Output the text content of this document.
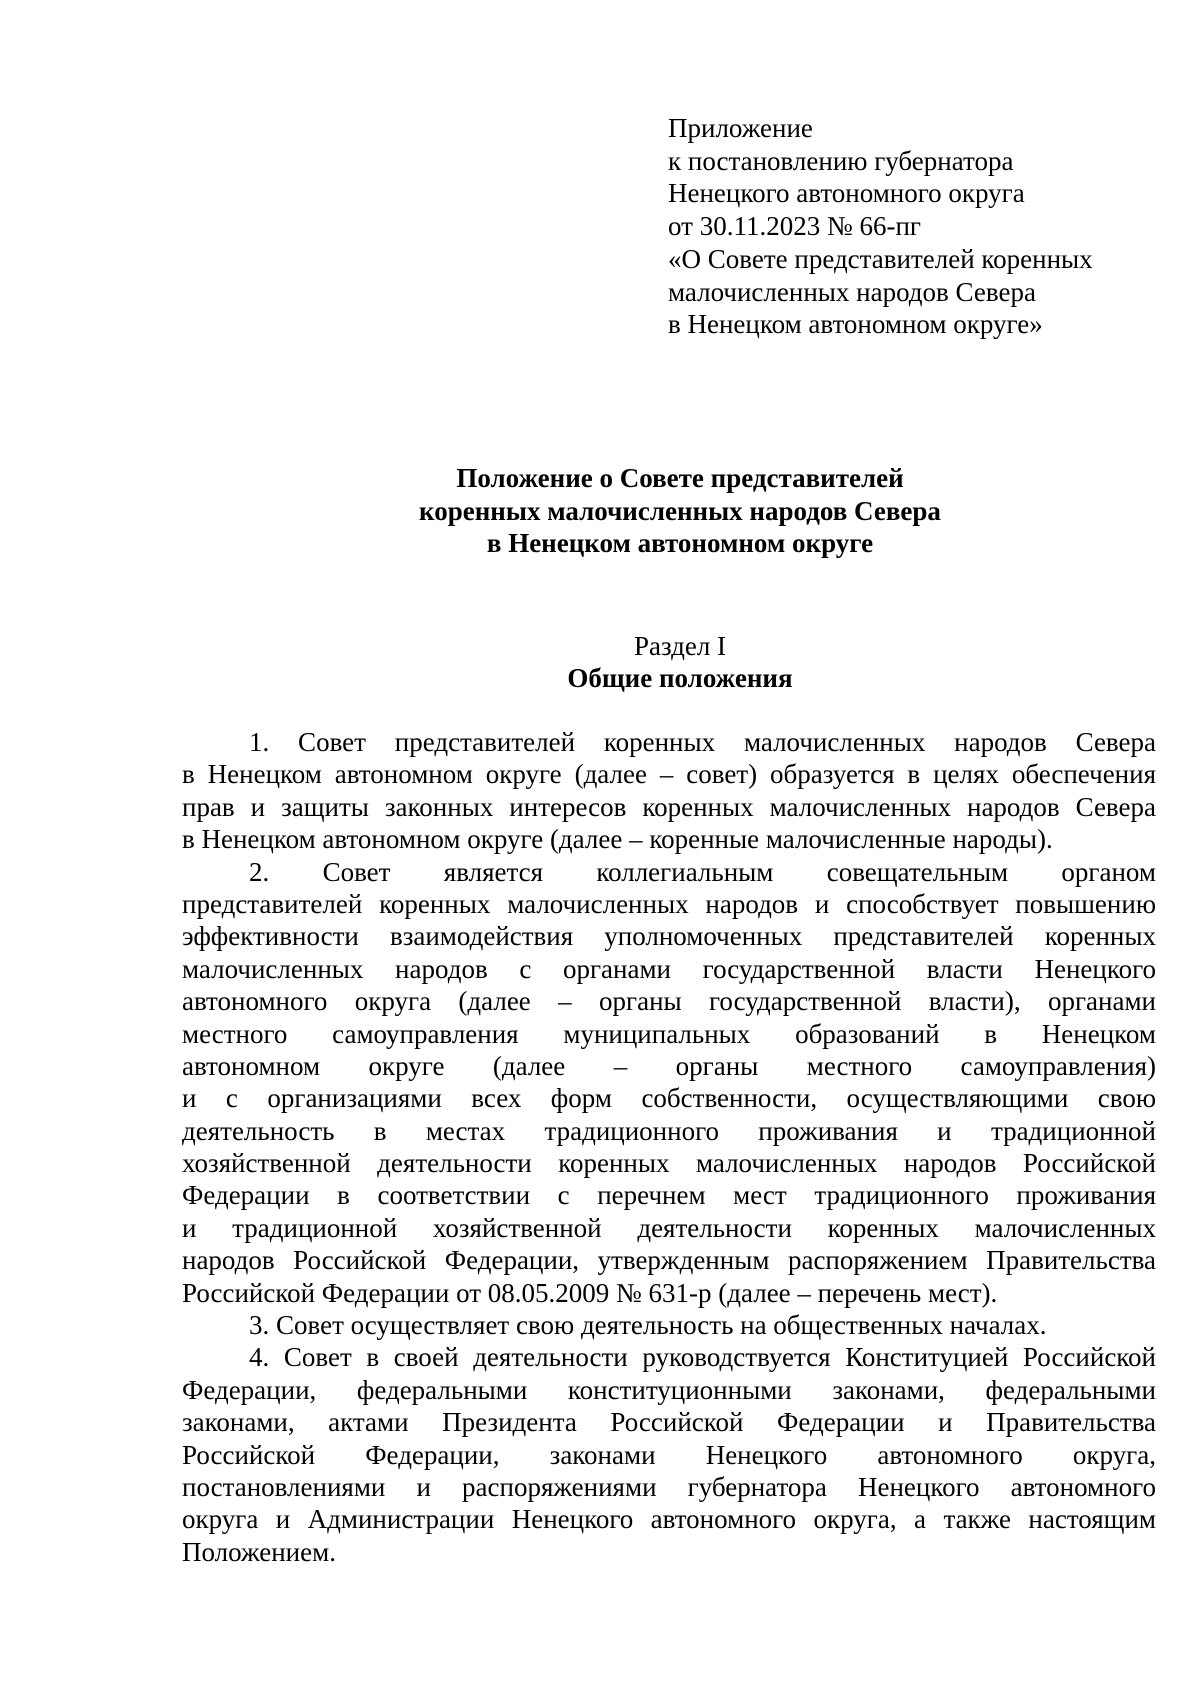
Приложение
к постановлению губернатора
Ненецкого автономного округа
от 30.11.2023 № 66-пг
«О Совете представителей коренных
малочисленных народов Севера
в Ненецком автономном округе»
Положение о Совете представителей
коренных малочисленных народов Севера
в Ненецком автономном округе
Раздел I
Общие положения
1. Совет представителей коренных малочисленных народов Севера
в Ненецком автономном округе (далее – совет) образуется в целях обеспечения
прав и защиты законных интересов коренных малочисленных народов Севера
в Ненецком автономном округе (далее – коренные малочисленные народы).
2. Совет является коллегиальным совещательным органом
представителей коренных малочисленных народов и способствует повышению
эффективности взаимодействия уполномоченных представителей коренных
малочисленных народов с органами государственной власти Ненецкого
автономного округа (далее – органы государственной власти), органами
местного самоуправления муниципальных образований в Ненецком
автономном округе (далее – органы местного самоуправления)
и с организациями всех форм собственности, осуществляющими свою
деятельность в местах традиционного проживания и традиционной
хозяйственной деятельности коренных малочисленных народов Российской
Федерации в соответствии с перечнем мест традиционного проживания
и традиционной хозяйственной деятельности коренных малочисленных
народов Российской Федерации, утвержденным распоряжением Правительства
Российской Федерации от 08.05.2009 № 631-р (далее – перечень мест).
3. Совет осуществляет свою деятельность на общественных началах.
4. Совет в своей деятельности руководствуется Конституцией Российской
Федерации, федеральными конституционными законами, федеральными
законами, актами Президента Российской Федерации и Правительства
Российской Федерации, законами Ненецкого автономного округа,
постановлениями и распоряжениями губернатора Ненецкого автономного
округа и Администрации Ненецкого автономного округа, а также настоящим
Положением.
